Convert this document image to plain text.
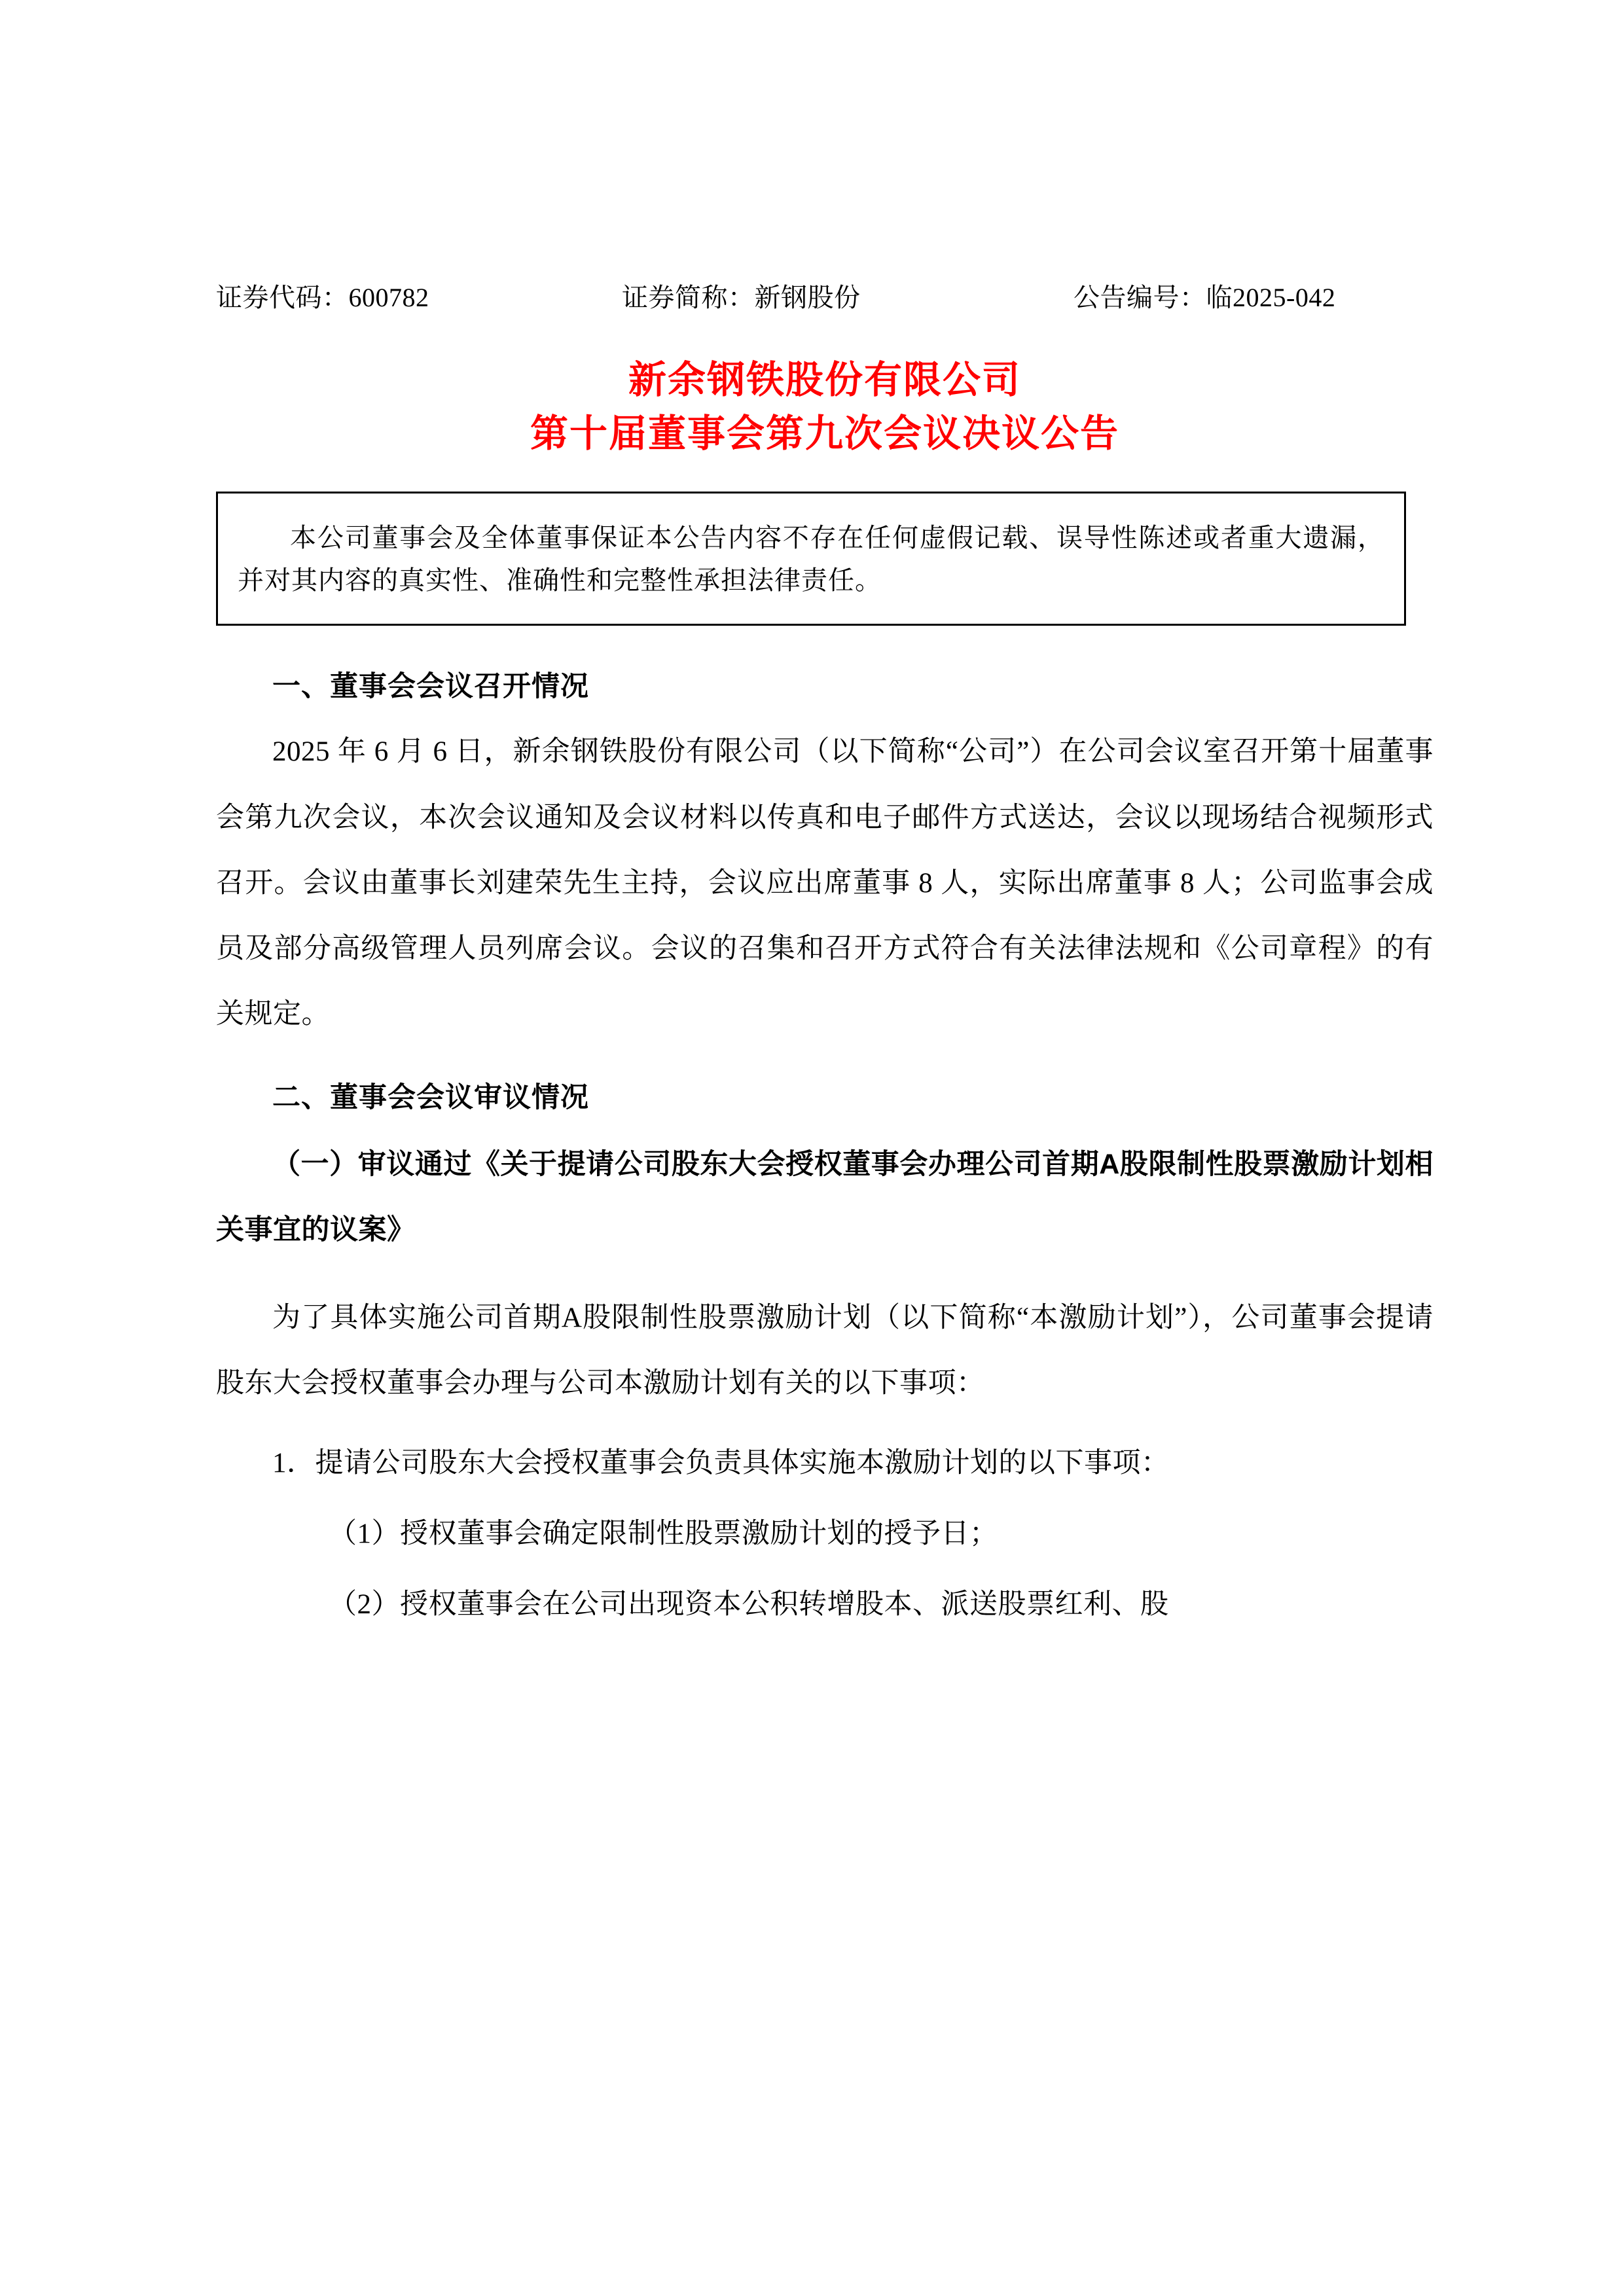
证券代码：600782	证券简称：新钢股份	公告编号：临2025-042
新余钢铁股份有限公司
第十届董事会第九次会议决议公告

本公司董事会及全体董事保证本公告内容不存在任何虚假记载、误导性陈述或者重大遗漏，并对其内容的真实性、准确性和完整性承担法律责任。

一、董事会会议召开情况

2025 年 6 月 6 日，新余钢铁股份有限公司（以下简称“公司”）在公司会议室召开第十届董事会第九次会议，本次会议通知及会议材料以传真和电子邮件方式送达，会议以现场结合视频形式召开。会议由董事长刘建荣先生主持，会议应出席董事 8 人，实际出席董事 8 人；公司监事会成员及部分高级管理人员列席会议。会议的召集和召开方式符合有关法律法规和《公司章程》的有关规定。

二、董事会会议审议情况

（一）审议通过《关于提请公司股东大会授权董事会办理公司首期A股限制性股票激励计划相关事宜的议案》

为了具体实施公司首期A股限制性股票激励计划（以下简称“本激励计划”），公司董事会提请股东大会授权董事会办理与公司本激励计划有关的以下事项：

1．提请公司股东大会授权董事会负责具体实施本激励计划的以下事项：

（1）授权董事会确定限制性股票激励计划的授予日；

（2）授权董事会在公司出现资本公积转增股本、派送股票红利、股
